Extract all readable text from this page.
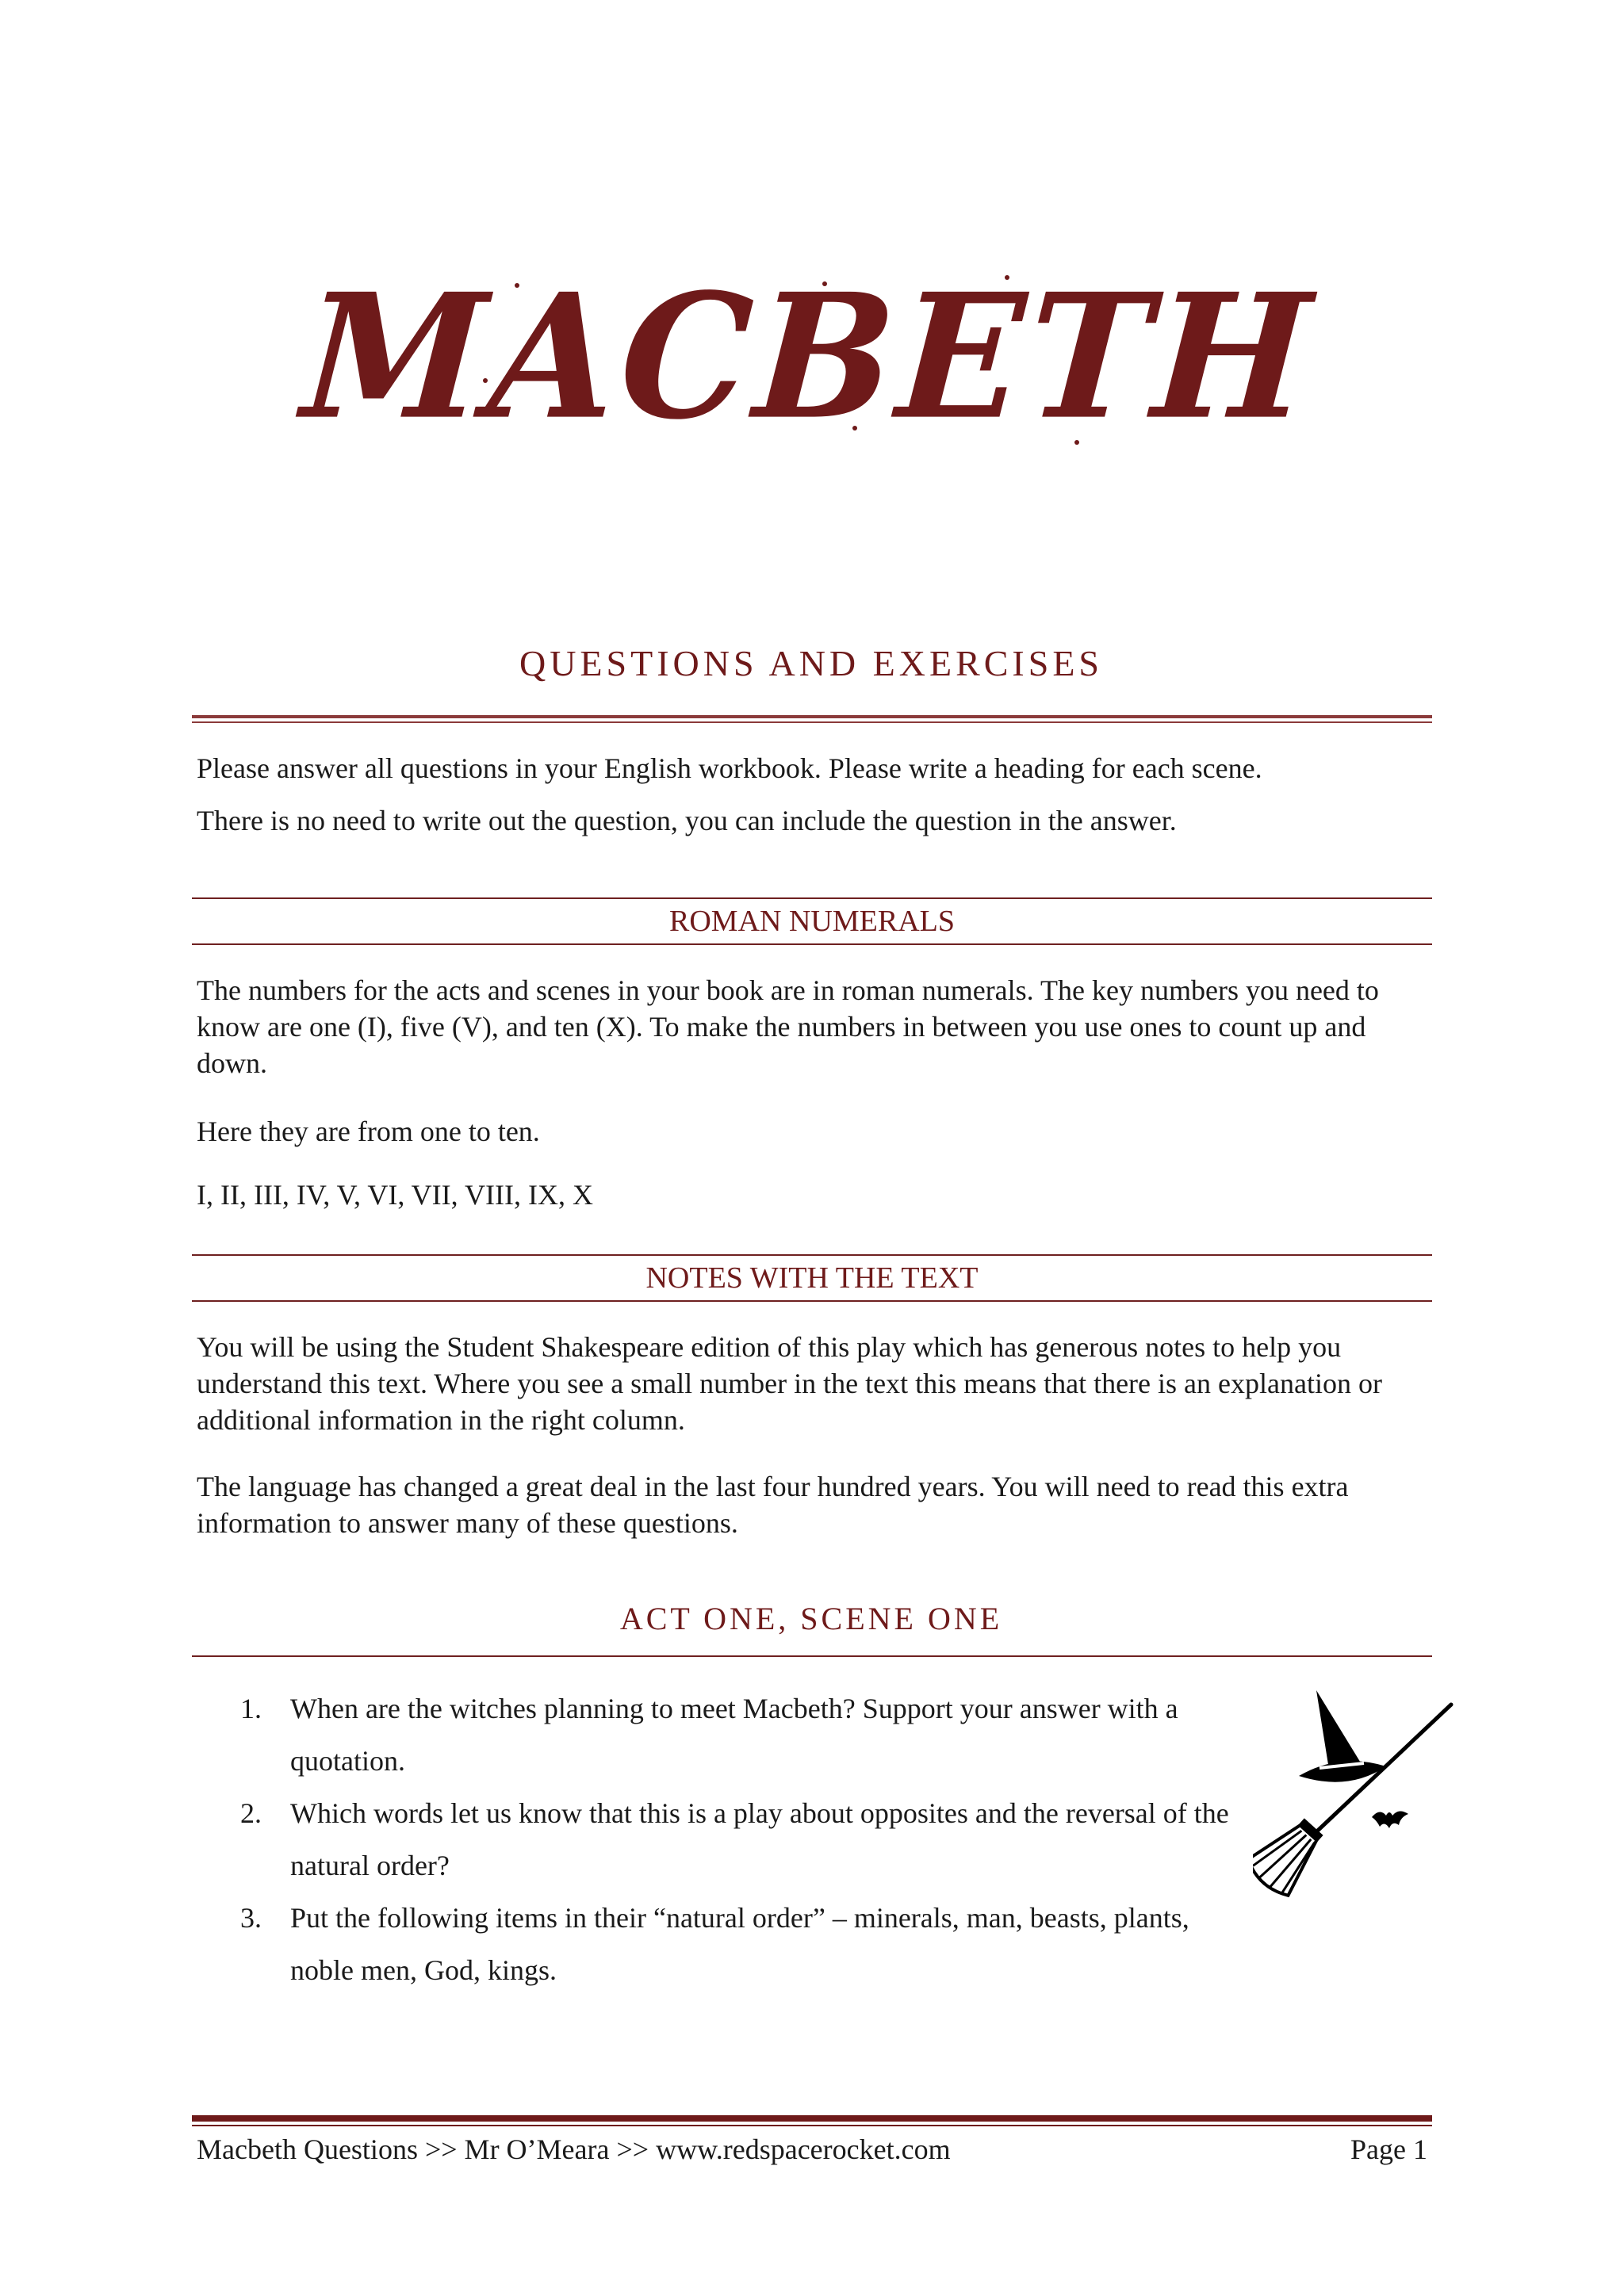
MACBETH
QUESTIONS AND EXERCISES

Please answer all questions in your English workbook. Please write a heading for each scene.

There is no need to write out the question, you can include the question in the answer.

ROMAN NUMERALS

The numbers for the acts and scenes in your book are in roman numerals. The key numbers you need to know are one (I), five (V), and ten (X). To make the numbers in between you use ones to count up and down.

Here they are from one to ten.

I, II, III, IV, V, VI, VII, VIII, IX, X

NOTES WITH THE TEXT

You will be using the Student Shakespeare edition of this play which has generous notes to help you understand this text. Where you see a small number in the text this means that there is an explanation or additional information in the right column.

The language has changed a great deal in the last four hundred years. You will need to read this extra information to answer many of these questions.

ACT ONE, SCENE ONE
1. When are the witches planning to meet Macbeth? Support your answer with a quotation.
2. Which words let us know that this is a play about opposites and the reversal of the natural order?
3. Put the following items in their “natural order” – minerals, man, beasts, plants, noble men, God, kings.
Macbeth Questions >> Mr O’Meara >> www.redspacerocket.com	Page 1
